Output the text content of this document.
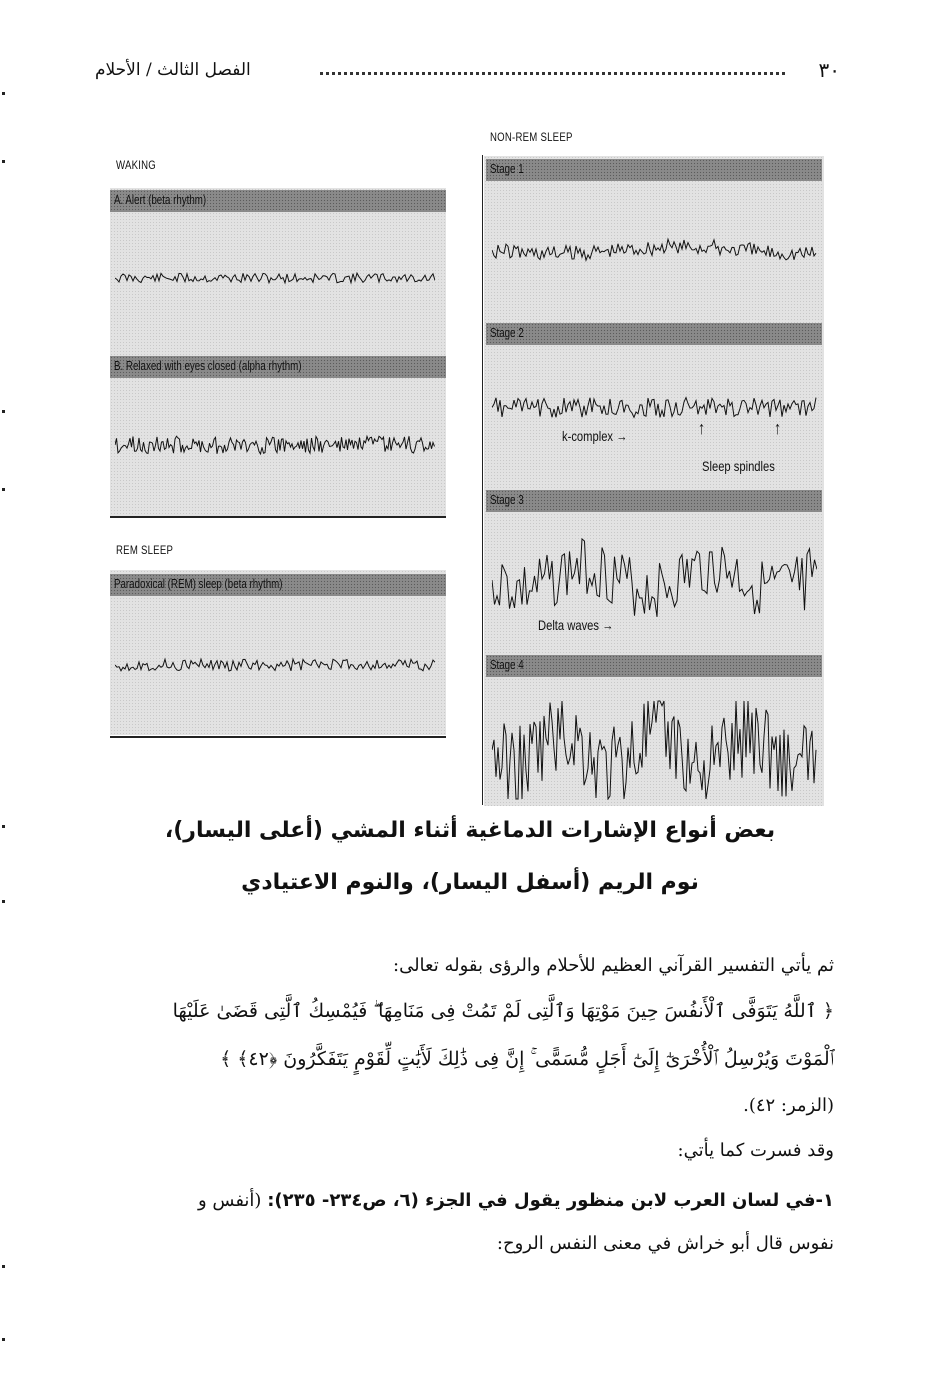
٣٠
الفصل الثالث / الأحلام
WAKING
A. Alert (beta rhythm)
B. Relaxed with eyes closed (alpha rhythm)
REM SLEEP
Paradoxical (REM) sleep (beta rhythm)
NON-REM SLEEP
Stage 1
Stage 2
k-complex →	↑	↑
Sleep spindles
Stage 3
Delta waves →
Stage 4
بعض أنواع الإشارات الدماغية أثناء المشي (أعلى اليسار)،
نوم الريم (أسفل اليسار)، والنوم الاعتيادي
ثم يأتي التفسير القرآني العظيم للأحلام والرؤى بقوله تعالى:
﴿ ٱللَّهُ يَتَوَفَّى ٱلْأَنفُسَ حِينَ مَوْتِهَا وَٱلَّتِى لَمْ تَمُتْ فِى مَنَامِهَا ۖ فَيُمْسِكُ ٱلَّتِى قَضَىٰ عَلَيْهَا
ٱلْمَوْتَ وَيُرْسِلُ ٱلْأُخْرَىٰٓ إِلَىٰٓ أَجَلٍ مُّسَمًّى ۚ إِنَّ فِى ذَٰلِكَ لَأَيَٰتٍ لِّقَوْمٍ يَتَفَكَّرُونَ ﴿٤٢﴾ ﴾
(الزمر: ٤٢).
وقد فسرت كما يأتي:
١-في لسان العرب لابن منظور يقول في الجزء (٦، ص٢٣٤- ٢٣٥): (أنفس و
نفوس قال أبو خراش في معنى النفس الروح:
